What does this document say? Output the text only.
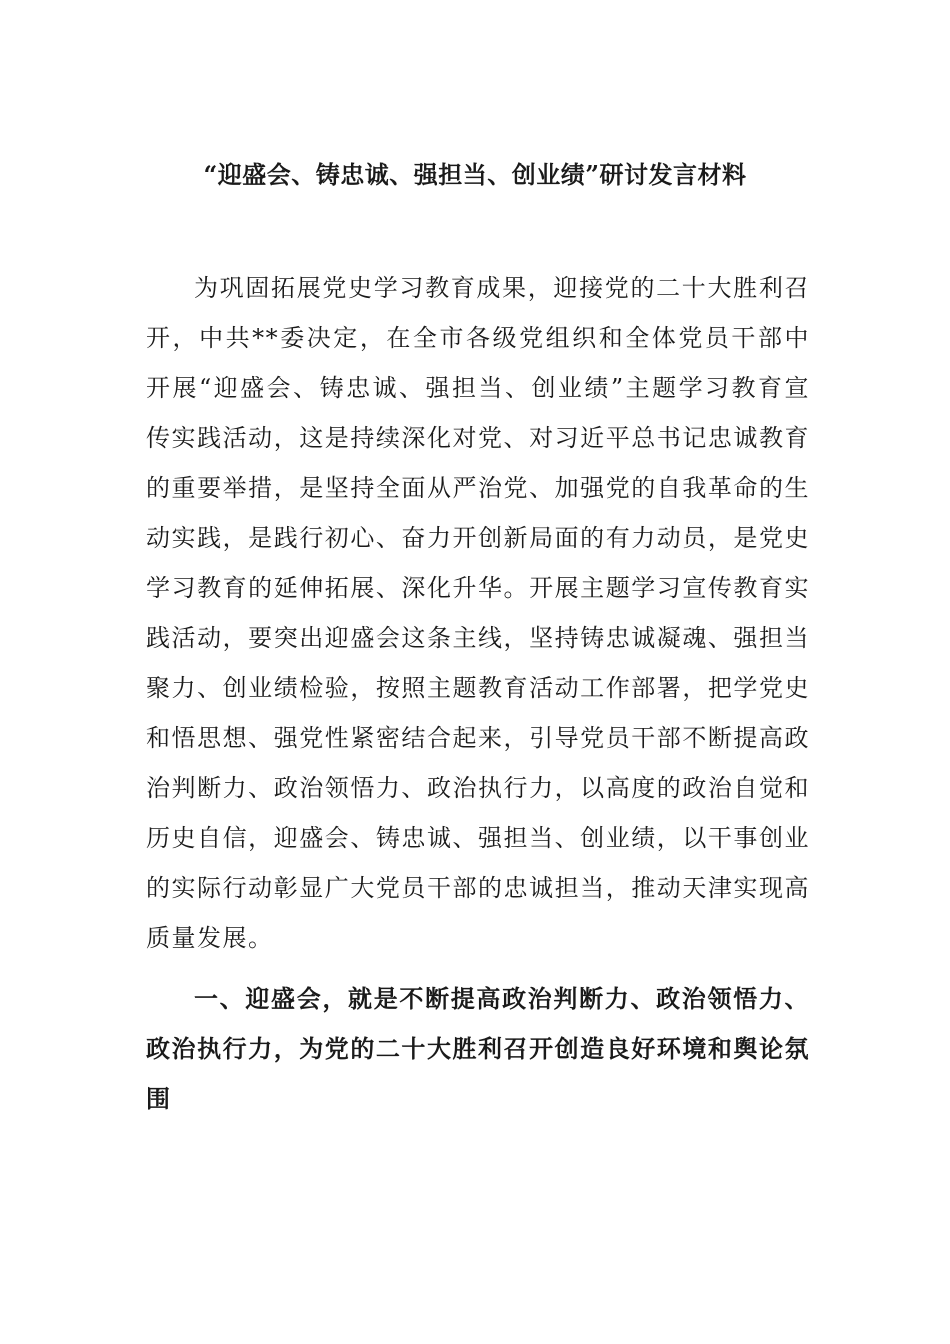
“迎盛会、铸忠诚、强担当、创业绩”研讨发言材料

为巩固拓展党史学习教育成果，迎接党的二十大胜利召开，中共**委决定，在全市各级党组织和全体党员干部中开展“迎盛会、铸忠诚、强担当、创业绩”主题学习教育宣传实践活动，这是持续深化对党、对习近平总书记忠诚教育的重要举措，是坚持全面从严治党、加强党的自我革命的生动实践，是践行初心、奋力开创新局面的有力动员，是党史学习教育的延伸拓展、深化升华。开展主题学习宣传教育实践活动，要突出迎盛会这条主线，坚持铸忠诚凝魂、强担当聚力、创业绩检验，按照主题教育活动工作部署，把学党史和悟思想、强党性紧密结合起来，引导党员干部不断提高政治判断力、政治领悟力、政治执行力，以高度的政治自觉和历史自信，迎盛会、铸忠诚、强担当、创业绩，以干事创业的实际行动彰显广大党员干部的忠诚担当，推动天津实现高质量发展。

一、迎盛会，就是不断提高政治判断力、政治领悟力、政治执行力，为党的二十大胜利召开创造良好环境和舆论氛围
